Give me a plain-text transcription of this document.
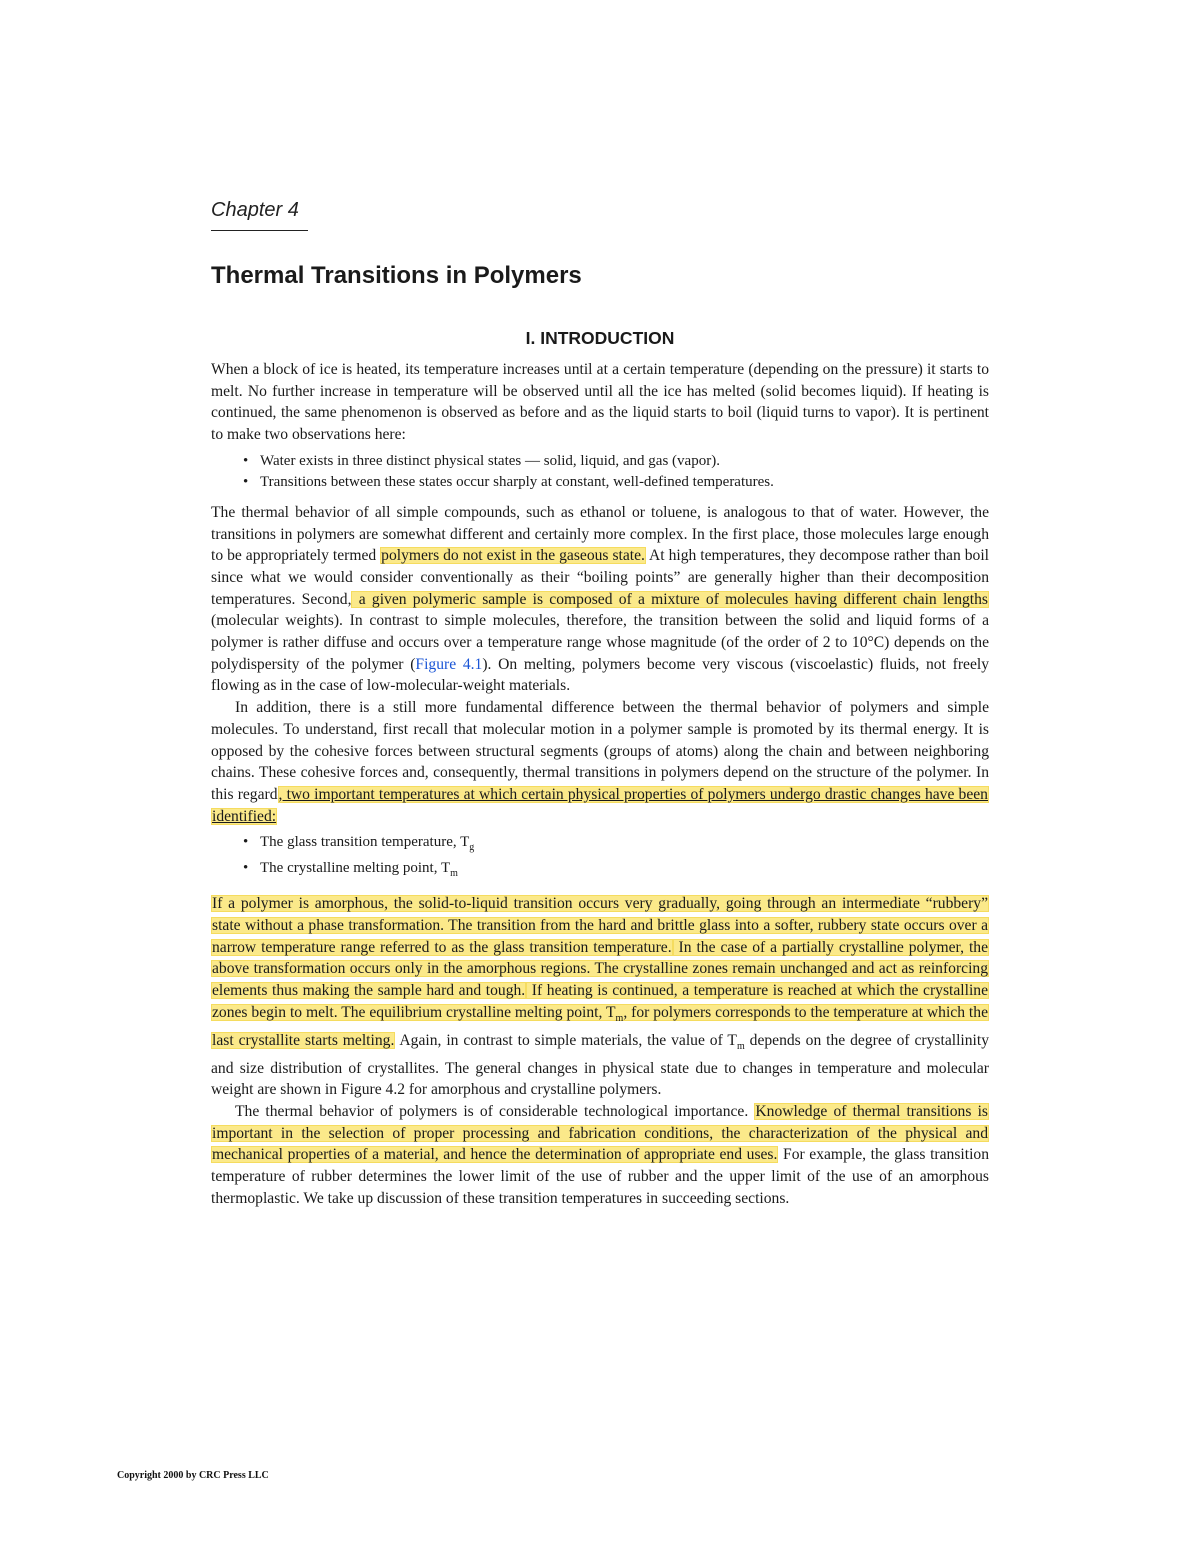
Chapter 4
Thermal Transitions in Polymers
I. INTRODUCTION

When a block of ice is heated, its temperature increases until at a certain temperature (depending on the pressure) it starts to melt. No further increase in temperature will be observed until all the ice has melted (solid becomes liquid). If heating is continued, the same phenomenon is observed as before and as the liquid starts to boil (liquid turns to vapor). It is pertinent to make two observations here:

• Water exists in three distinct physical states — solid, liquid, and gas (vapor).
• Transitions between these states occur sharply at constant, well-defined temperatures.

The thermal behavior of all simple compounds, such as ethanol or toluene, is analogous to that of water. However, the transitions in polymers are somewhat different and certainly more complex. In the first place, those molecules large enough to be appropriately termed polymers do not exist in the gaseous state. At high temperatures, they decompose rather than boil since what we would consider conventionally as their “boiling points” are generally higher than their decomposition temperatures. Second, a given polymeric sample is composed of a mixture of molecules having different chain lengths (molecular weights). In contrast to simple molecules, therefore, the transition between the solid and liquid forms of a polymer is rather diffuse and occurs over a temperature range whose magnitude (of the order of 2 to 10°C) depends on the polydispersity of the polymer (Figure 4.1). On melting, polymers become very viscous (viscoelastic) fluids, not freely flowing as in the case of low-molecular-weight materials.

In addition, there is a still more fundamental difference between the thermal behavior of polymers and simple molecules. To understand, first recall that molecular motion in a polymer sample is promoted by its thermal energy. It is opposed by the cohesive forces between structural segments (groups of atoms) along the chain and between neighboring chains. These cohesive forces and, consequently, thermal transitions in polymers depend on the structure of the polymer. In this regard, two important temperatures at which certain physical properties of polymers undergo drastic changes have been identified:

• The glass transition temperature, $T_g$
• The crystalline melting point, $T_m$

If a polymer is amorphous, the solid-to-liquid transition occurs very gradually, going through an intermediate “rubbery” state without a phase transformation. The transition from the hard and brittle glass into a softer, rubbery state occurs over a narrow temperature range referred to as the glass transition temperature. In the case of a partially crystalline polymer, the above transformation occurs only in the amorphous regions. The crystalline zones remain unchanged and act as reinforcing elements thus making the sample hard and tough. If heating is continued, a temperature is reached at which the crystalline zones begin to melt. The equilibrium crystalline melting point, $T_m$, for polymers corresponds to the temperature at which the last crystallite starts melting. Again, in contrast to simple materials, the value of $T_m$ depends on the degree of crystallinity and size distribution of crystallites. The general changes in physical state due to changes in temperature and molecular weight are shown in Figure 4.2 for amorphous and crystalline polymers.

The thermal behavior of polymers is of considerable technological importance. Knowledge of thermal transitions is important in the selection of proper processing and fabrication conditions, the characterization of the physical and mechanical properties of a material, and hence the determination of appropriate end uses. For example, the glass transition temperature of rubber determines the lower limit of the use of rubber and the upper limit of the use of an amorphous thermoplastic. We take up discussion of these transition temperatures in succeeding sections.

Copyright 2000 by CRC Press LLC
